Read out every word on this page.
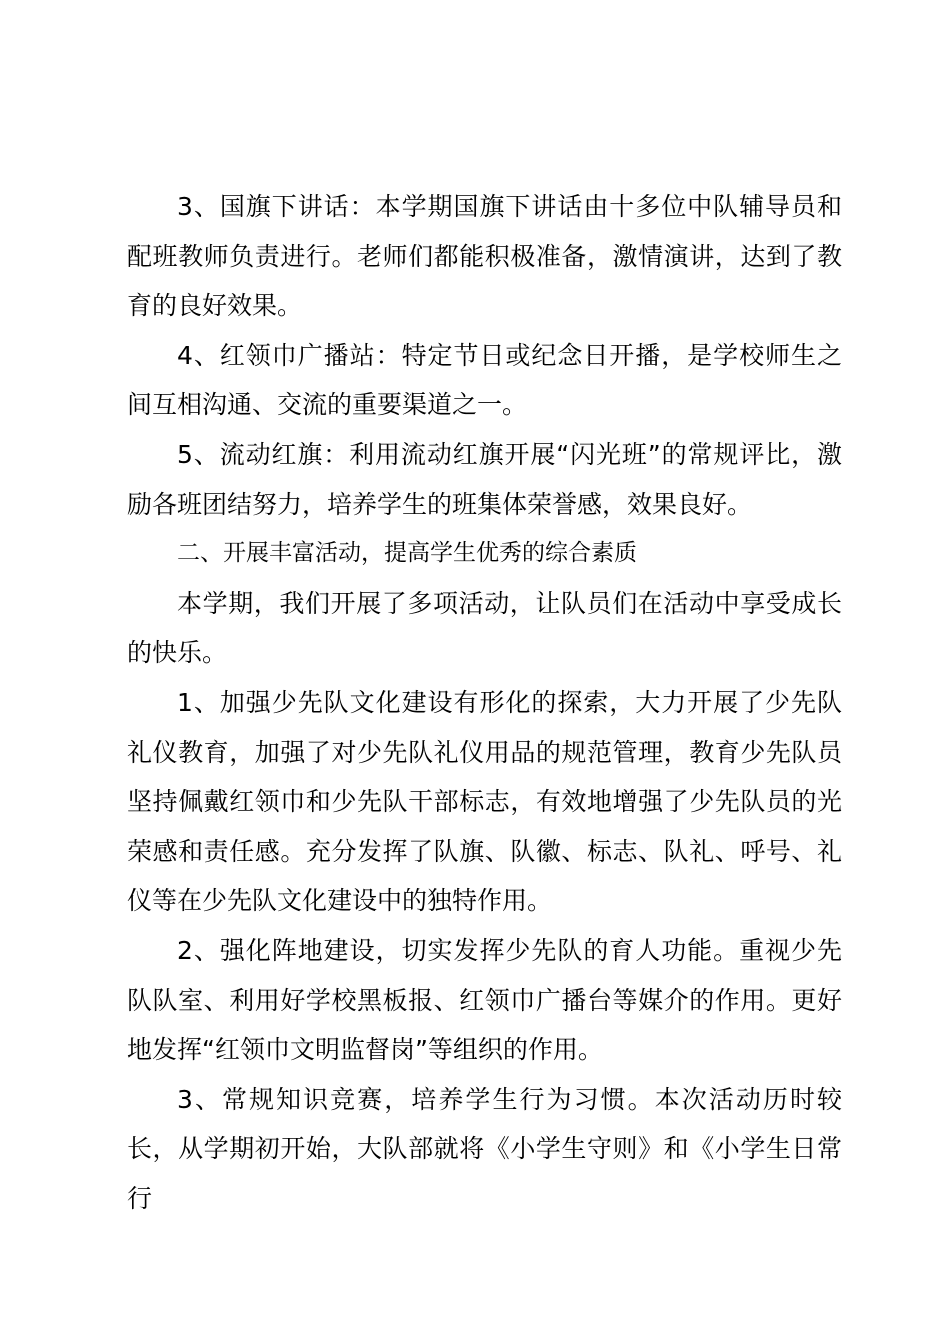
3、国旗下讲话：本学期国旗下讲话由十多位中队辅导员和配班教师负责进行。老师们都能积极准备，激情演讲，达到了教育的良好效果。

4、红领巾广播站：特定节日或纪念日开播，是学校师生之间互相沟通、交流的重要渠道之一。

5、流动红旗：利用流动红旗开展“闪光班”的常规评比，激励各班团结努力，培养学生的班集体荣誉感，效果良好。

二、开展丰富活动，提高学生优秀的综合素质

本学期，我们开展了多项活动，让队员们在活动中享受成长的快乐。

1、加强少先队文化建设有形化的探索，大力开展了少先队礼仪教育，加强了对少先队礼仪用品的规范管理，教育少先队员坚持佩戴红领巾和少先队干部标志，有效地增强了少先队员的光荣感和责任感。充分发挥了队旗、队徽、标志、队礼、呼号、礼仪等在少先队文化建设中的独特作用。

2、强化阵地建设，切实发挥少先队的育人功能。重视少先队队室、利用好学校黑板报、红领巾广播台等媒介的作用。更好地发挥“红领巾文明监督岗”等组织的作用。

3、常规知识竞赛，培养学生行为习惯。本次活动历时较长，从学期初开始，大队部就将《小学生守则》和《小学生日常行
